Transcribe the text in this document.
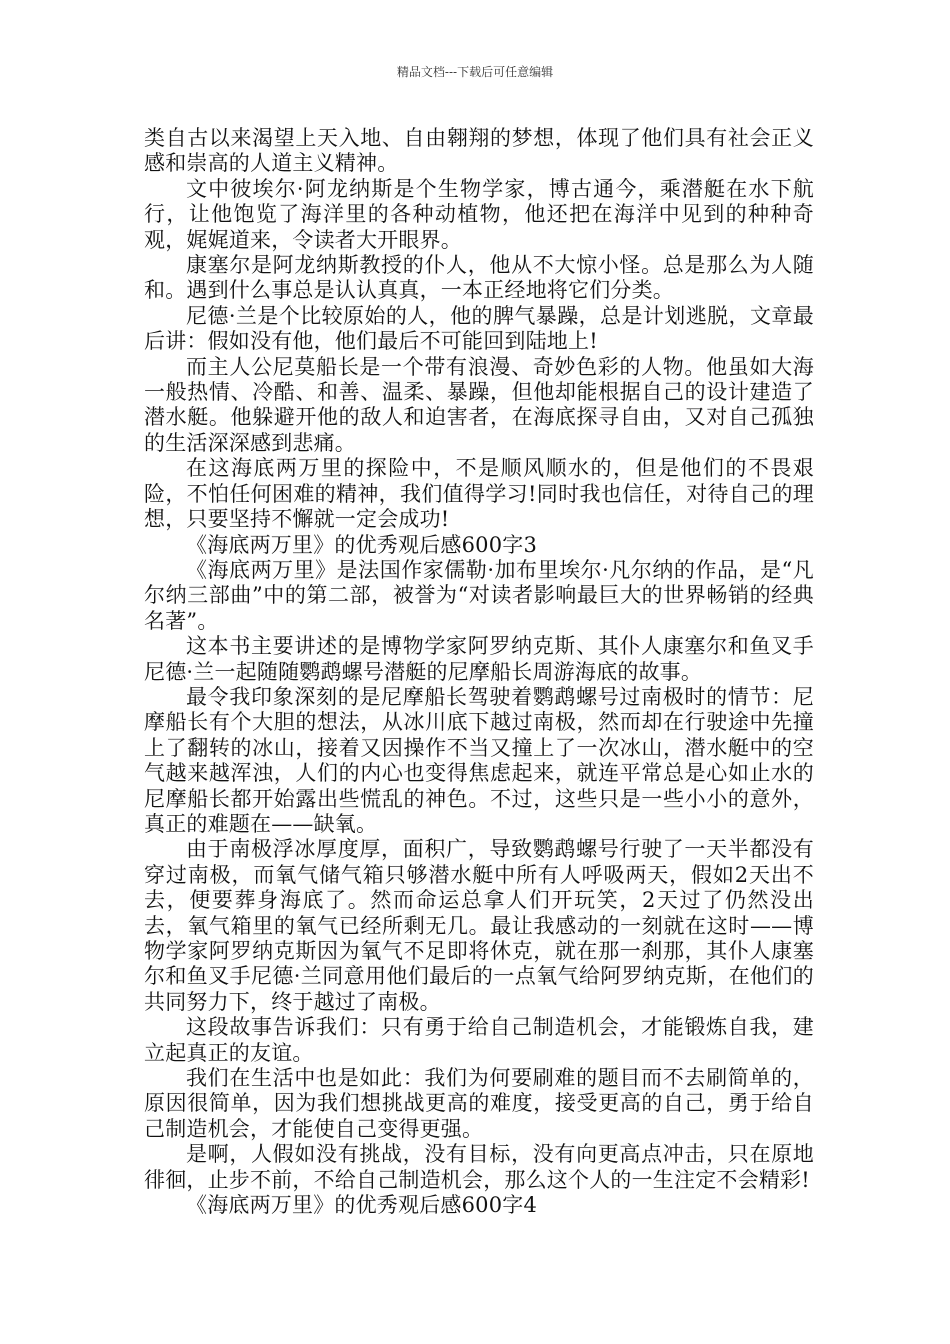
精品文档---下载后可任意编辑

类自古以来渴望上天入地、自由翱翔的梦想，体现了他们具有社会正义感和崇高的人道主义精神。

文中彼埃尔·阿龙纳斯是个生物学家，博古通今，乘潜艇在水下航行，让他饱览了海洋里的各种动植物，他还把在海洋中见到的种种奇观，娓娓道来，令读者大开眼界。

康塞尔是阿龙纳斯教授的仆人，他从不大惊小怪。总是那么为人随和。遇到什么事总是认认真真，一本正经地将它们分类。

尼德·兰是个比较原始的人，他的脾气暴躁，总是计划逃脱，文章最后讲：假如没有他，他们最后不可能回到陆地上!

而主人公尼莫船长是一个带有浪漫、奇妙色彩的人物。他虽如大海一般热情、冷酷、和善、温柔、暴躁，但他却能根据自己的设计建造了潜水艇。他躲避开他的敌人和迫害者，在海底探寻自由，又对自己孤独的生活深深感到悲痛。

在这海底两万里的探险中，不是顺风顺水的，但是他们的不畏艰险，不怕任何困难的精神，我们值得学习!同时我也信任，对待自己的理想，只要坚持不懈就一定会成功!

《海底两万里》的优秀观后感600字3

《海底两万里》是法国作家儒勒·加布里埃尔·凡尔纳的作品，是“凡尔纳三部曲”中的第二部，被誉为“对读者影响最巨大的世界畅销的经典名著”。

这本书主要讲述的是博物学家阿罗纳克斯、其仆人康塞尔和鱼叉手尼德·兰一起随随鹦鹉螺号潜艇的尼摩船长周游海底的故事。

最令我印象深刻的是尼摩船长驾驶着鹦鹉螺号过南极时的情节：尼摩船长有个大胆的想法，从冰川底下越过南极，然而却在行驶途中先撞上了翻转的冰山，接着又因操作不当又撞上了一次冰山，潜水艇中的空气越来越浑浊，人们的内心也变得焦虑起来，就连平常总是心如止水的尼摩船长都开始露出些慌乱的神色。不过，这些只是一些小小的意外，真正的难题在——缺氧。

由于南极浮冰厚度厚，面积广，导致鹦鹉螺号行驶了一天半都没有穿过南极，而氧气储气箱只够潜水艇中所有人呼吸两天，假如2天出不去，便要葬身海底了。然而命运总拿人们开玩笑，2天过了仍然没出去，氧气箱里的氧气已经所剩无几。最让我感动的一刻就在这时——博物学家阿罗纳克斯因为氧气不足即将休克，就在那一刹那，其仆人康塞尔和鱼叉手尼德·兰同意用他们最后的一点氧气给阿罗纳克斯，在他们的共同努力下，终于越过了南极。

这段故事告诉我们：只有勇于给自己制造机会，才能锻炼自我，建立起真正的友谊。

我们在生活中也是如此：我们为何要刷难的题目而不去刷简单的，原因很简单，因为我们想挑战更高的难度，接受更高的自己，勇于给自己制造机会，才能使自己变得更强。

是啊，人假如没有挑战，没有目标，没有向更高点冲击，只在原地徘徊，止步不前，不给自己制造机会，那么这个人的一生注定不会精彩!

《海底两万里》的优秀观后感600字4
